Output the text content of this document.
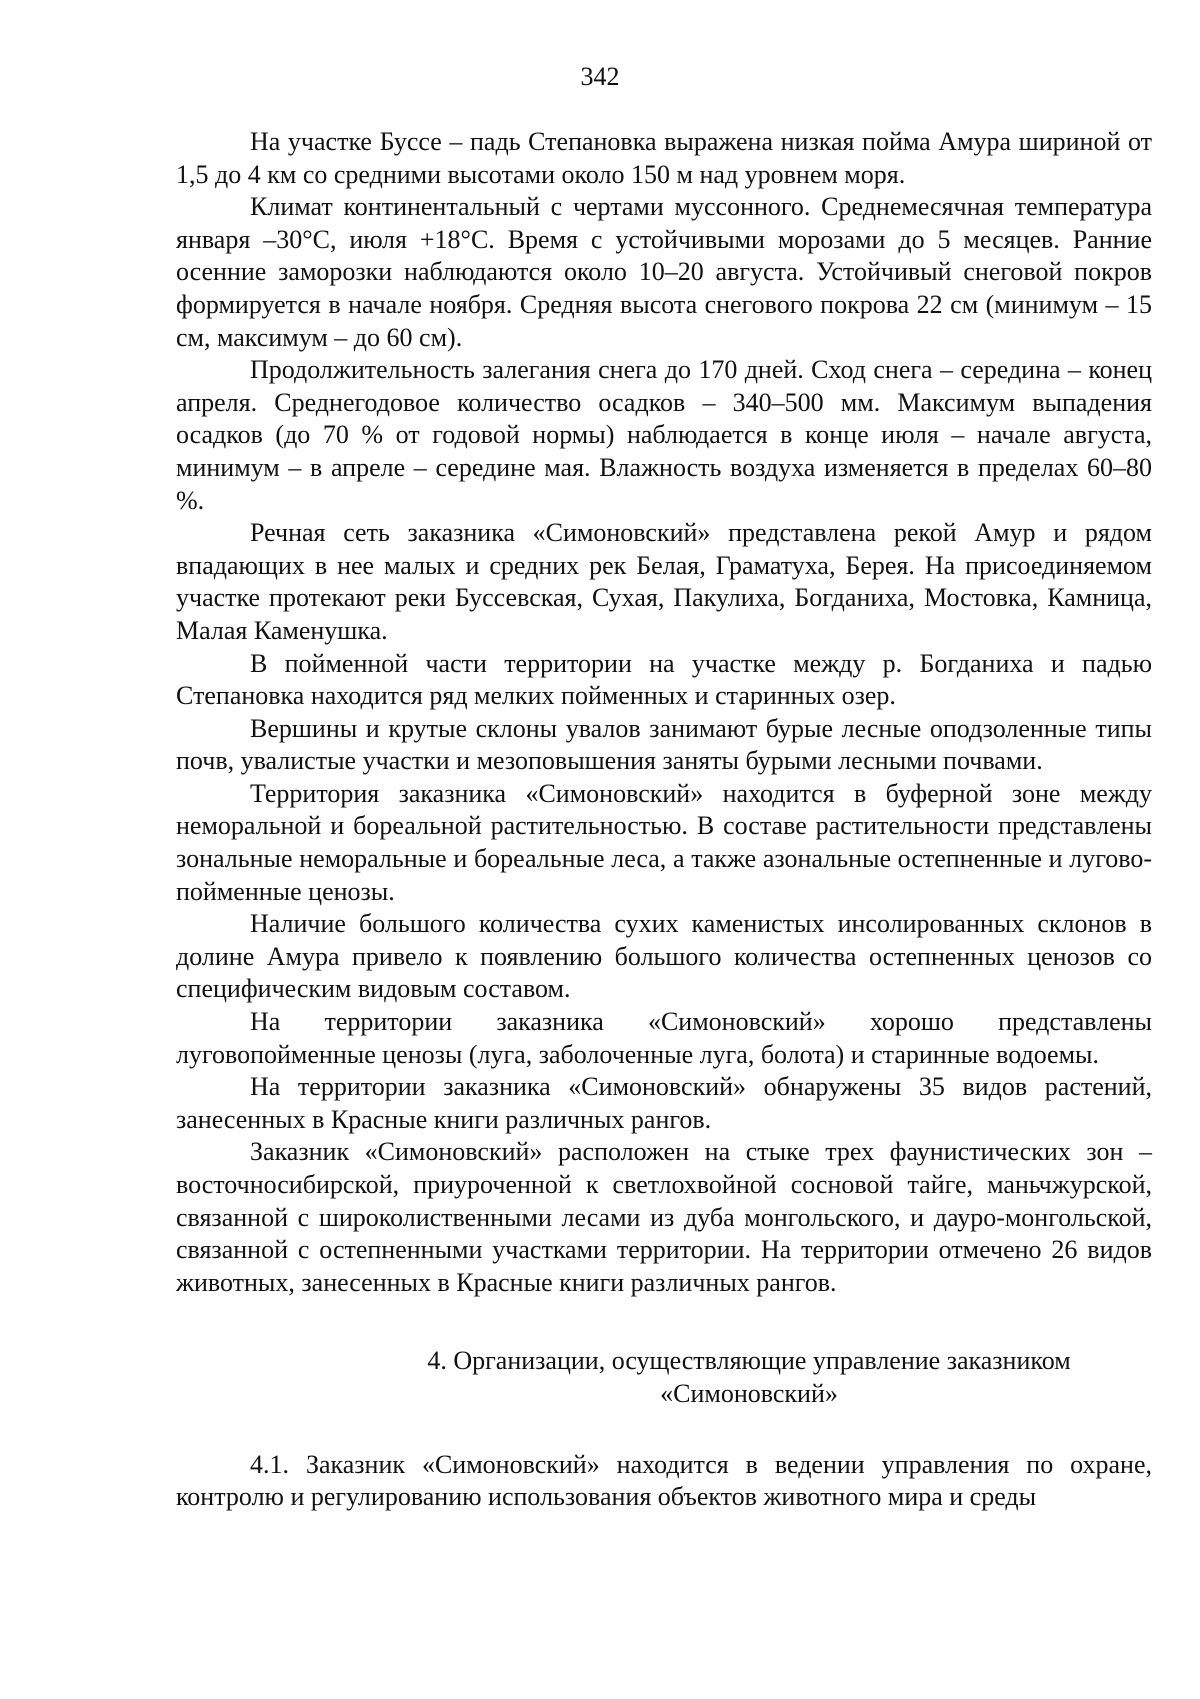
342

На участке Буссе – падь Степановка выражена низкая пойма Амура шириной от 1,5 до 4 км со средними высотами около 150 м над уровнем моря.

Климат континентальный с чертами муссонного. Среднемесячная температура января –30°С, июля +18°С. Время с устойчивыми морозами до 5 месяцев. Ранние осенние заморозки наблюдаются около 10–20 августа. Устойчивый снеговой покров формируется в начале ноября. Средняя высота снегового покрова 22 см (минимум – 15 см, максимум – до 60 см).

Продолжительность залегания снега до 170 дней. Сход снега – середина – конец апреля. Среднегодовое количество осадков – 340–500 мм. Максимум выпадения осадков (до 70 % от годовой нормы) наблюдается в конце июля – начале августа, минимум – в апреле – середине мая. Влажность воздуха изменяется в пределах 60–80 %.

Речная сеть заказника «Симоновский» представлена рекой Амур и рядом впадающих в нее малых и средних рек Белая, Граматуха, Берея. На присоединяемом участке протекают реки Буссевская, Сухая, Пакулиха, Богданиха, Мостовка, Камница, Малая Каменушка.

В пойменной части территории на участке между р. Богданиха и падью Степановка находится ряд мелких пойменных и старинных озер.

Вершины и крутые склоны увалов занимают бурые лесные оподзоленные типы почв, увалистые участки и мезоповышения заняты бурыми лесными почвами.

Территория заказника «Симоновский» находится в буферной зоне между неморальной и бореальной растительностью. В составе растительности представлены зональные неморальные и бореальные леса, а также азональные остепненные и лугово-пойменные ценозы.

Наличие большого количества сухих каменистых инсолированных склонов в долине Амура привело к появлению большого количества остепненных ценозов со специфическим видовым составом.

На территории заказника «Симоновский» хорошо представлены луговопойменные ценозы (луга, заболоченные луга, болота) и старинные водоемы.

На территории заказника «Симоновский» обнаружены 35 видов растений, занесенных в Красные книги различных рангов.

Заказник «Симоновский» расположен на стыке трех фаунистических зон – восточносибирской, приуроченной к светлохвойной сосновой тайге, маньчжурской, связанной с широколиственными лесами из дуба монгольского, и дауро-монгольской, связанной с остепненными участками территории. На территории отмечено 26 видов животных, занесенных в Красные книги различных рангов.

4. Организации, осуществляющие управление заказником
«Симоновский»

4.1. Заказник «Симоновский» находится в ведении управления по охране, контролю и регулированию использования объектов животного мира и среды
